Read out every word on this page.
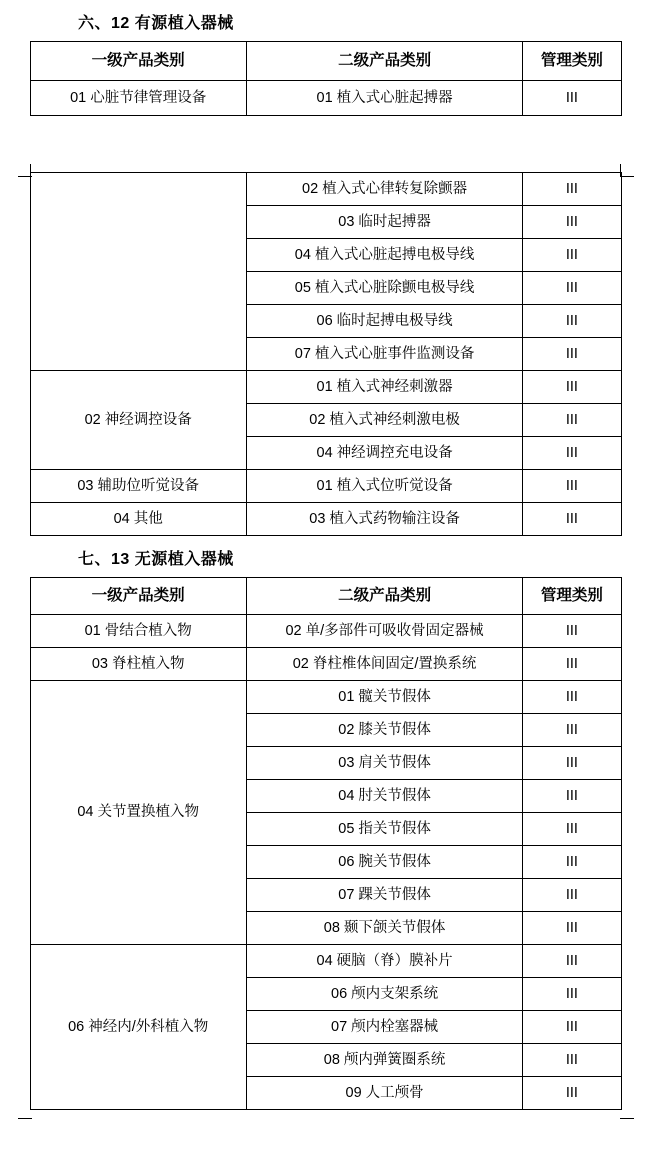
六、12 有源植入器械
一级产品类别	二级产品类别	管理类别
01 心脏节律管理设备	01 植入式心脏起搏器	III
	02 植入式心律转复除颤器	III
	03 临时起搏器	III
	04 植入式心脏起搏电极导线	III
	05 植入式心脏除颤电极导线	III
	06 临时起搏电极导线	III
	07 植入式心脏事件监测设备	III
02 神经调控设备	01 植入式神经刺激器	III
	02 植入式神经刺激电极	III
	04 神经调控充电设备	III
03 辅助位听觉设备	01 植入式位听觉设备	III
04 其他	03 植入式药物输注设备	III
七、13 无源植入器械
一级产品类别	二级产品类别	管理类别
01 骨结合植入物	02 单/多部件可吸收骨固定器械	III
03 脊柱植入物	02 脊柱椎体间固定/置换系统	III
04 关节置换植入物	01 髋关节假体	III
	02 膝关节假体	III
	03 肩关节假体	III
	04 肘关节假体	III
	05 指关节假体	III
	06 腕关节假体	III
	07 踝关节假体	III
	08 颞下颌关节假体	III
06 神经内/外科植入物	04 硬脑（脊）膜补片	III
	06 颅内支架系统	III
	07 颅内栓塞器械	III
	08 颅内弹簧圈系统	III
	09 人工颅骨	III
